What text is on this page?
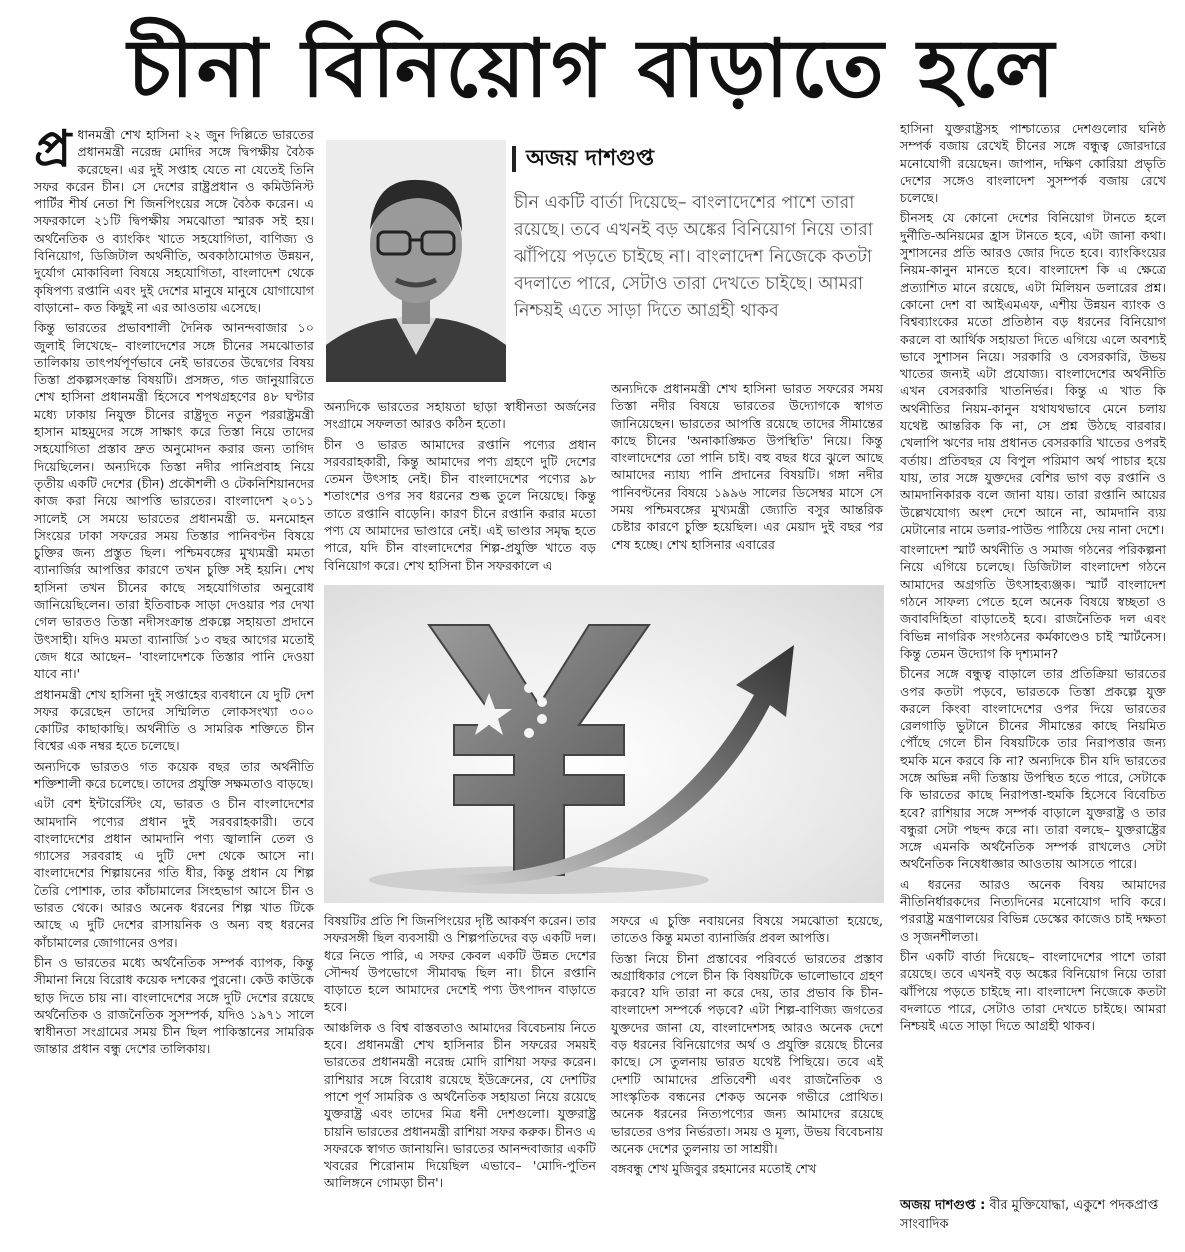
চীনা বিনিয়োগ বাড়াতে হলে

প্র ধানমন্ত্রী শেখ হাসিনা ২২ জুন দিল্লিতে ভারতের প্রধানমন্ত্রী নরেন্দ্র মোদির সঙ্গে দ্বিপক্ষীয় বৈঠক করেছেন। এর দুই সপ্তাহ যেতে না যেতেই তিনি সফর করেন চীন। সে দেশের রাষ্ট্রপ্রধান ও কমিউনিস্ট পার্টির শীর্ষ নেতা শি জিনপিংয়ের সঙ্গে বৈঠক করেন। এ সফরকালে ২১টি দ্বিপক্ষীয় সমঝোতা স্মারক সই হয়। অর্থনৈতিক ও ব্যাংকিং খাতে সহযোগিতা, বাণিজ্য ও বিনিয়োগ, ডিজিটাল অর্থনীতি, অবকাঠামোগত উন্নয়ন, দুর্যোগ মোকাবিলা বিষয়ে সহযোগিতা, বাংলাদেশ থেকে কৃষিপণ্য রপ্তানি এবং দুই দেশের মানুষে মানুষে যোগাযোগ বাড়ানো– কত কিছুই না এর আওতায় এসেছে।

কিন্তু ভারতের প্রভাবশালী দৈনিক আনন্দবাজার ১০ জুলাই লিখেছে– বাংলাদেশের সঙ্গে চীনের সমঝোতার তালিকায় তাৎপর্যপূর্ণভাবে নেই ভারতের উদ্বেগের বিষয় তিস্তা প্রকল্পসংক্রান্ত বিষয়টি। প্রসঙ্গত, গত জানুয়ারিতে শেখ হাসিনা প্রধানমন্ত্রী হিসেবে শপথগ্রহণের ৪৮ ঘণ্টার মধ্যে ঢাকায় নিযুক্ত চীনের রাষ্ট্রদূত নতুন পররাষ্ট্রমন্ত্রী হাসান মাহমুদের সঙ্গে সাক্ষাৎ করে তিস্তা নিয়ে তাদের সহযোগিতা প্রস্তাব দ্রুত অনুমোদন করার জন্য তাগিদ দিয়েছিলেন। অন্যদিকে তিস্তা নদীর পানিপ্রবাহ নিয়ে তৃতীয় একটি দেশের (চীন) প্রকৌশলী ও টেকনিশিয়ানদের কাজ করা নিয়ে আপত্তি ভারতের। বাংলাদেশ ২০১১ সালেই সে সময়ে ভারতের প্রধানমন্ত্রী ড. মনমোহন সিংয়ের ঢাকা সফরের সময় তিস্তার পানিবণ্টন বিষয়ে চুক্তির জন্য প্রস্তুত ছিল। পশ্চিমবঙ্গের মুখ্যমন্ত্রী মমতা ব্যানার্জির আপত্তির কারণে তখন চুক্তি সই হয়নি। শেখ হাসিনা তখন চীনের কাছে সহযোগিতার অনুরোধ জানিয়েছিলেন। তারা ইতিবাচক সাড়া দেওয়ার পর দেখা গেল ভারতও তিস্তা নদীসংক্রান্ত প্রকল্পে সহায়তা প্রদানে উৎসাহী। যদিও মমতা ব্যানার্জি ১৩ বছর আগের মতোই জেদ ধরে আছেন– 'বাংলাদেশকে তিস্তার পানি দেওয়া যাবে না।'

প্রধানমন্ত্রী শেখ হাসিনা দুই সপ্তাহের ব্যবধানে যে দুটি দেশ সফর করেছেন তাদের সম্মিলিত লোকসংখ্যা ৩০০ কোটির কাছাকাছি। অর্থনীতি ও সামরিক শক্তিতে চীন বিশ্বের এক নম্বর হতে চলেছে।

অন্যদিকে ভারতও গত কয়েক বছর তার অর্থনীতি শক্তিশালী করে চলেছে। তাদের প্রযুক্তি সক্ষমতাও বাড়ছে।

এটা বেশ ইন্টারেস্টিং যে, ভারত ও চীন বাংলাদেশের আমদানি পণ্যের প্রধান দুই সরবরাহকারী। তবে বাংলাদেশের প্রধান আমদানি পণ্য জ্বালানি তেল ও গ্যাসের সরবরাহ এ দুটি দেশ থেকে আসে না। বাংলাদেশের শিল্পায়নের গতি ধীর, কিন্তু প্রধান যে শিল্প তৈরি পোশাক, তার কাঁচামালের সিংহভাগ আসে চীন ও ভারত থেকে। আরও অনেক ধরনের শিল্প খাত টিকে আছে এ দুটি দেশের রাসায়নিক ও অন্য বহু ধরনের কাঁচামালের জোগানের ওপর।

চীন ও ভারতের মধ্যে অর্থনৈতিক সম্পর্ক ব্যাপক, কিন্তু সীমানা নিয়ে বিরোধ কয়েক দশকের পুরনো। কেউ কাউকে ছাড় দিতে চায় না। বাংলাদেশের সঙ্গে দুটি দেশের রয়েছে অর্থনৈতিক ও রাজনৈতিক সুসম্পর্ক, যদিও ১৯৭১ সালে স্বাধীনতা সংগ্রামের সময় চীন ছিল পাকিস্তানের সামরিক জান্তার প্রধান বন্ধু দেশের তালিকায়।

অজয় দাশগুপ্ত
চীন একটি বার্তা দিয়েছে– বাংলাদেশের পাশে তারা রয়েছে। তবে এখনই বড় অঙ্কের বিনিয়োগ নিয়ে তারা ঝাঁপিয়ে পড়তে চাইছে না। বাংলাদেশ নিজেকে কতটা বদলাতে পারে, সেটাও তারা দেখতে চাইছে। আমরা নিশ্চয়ই এতে সাড়া দিতে আগ্রহী থাকব

অন্যদিকে ভারতের সহায়তা ছাড়া স্বাধীনতা অর্জনের সংগ্রামে সফলতা আরও কঠিন হতো।

চীন ও ভারত আমাদের রপ্তানি পণ্যের প্রধান সরবরাহকারী, কিন্তু আমাদের পণ্য গ্রহণে দুটি দেশের তেমন উৎসাহ নেই। চীন বাংলাদেশের পণ্যের ৯৮ শতাংশের ওপর সব ধরনের শুল্ক তুলে নিয়েছে। কিন্তু তাতে রপ্তানি বাড়েনি। কারণ চীনে রপ্তানি করার মতো পণ্য যে আমাদের ভাণ্ডারে নেই। এই ভাণ্ডার সমৃদ্ধ হতে পারে, যদি চীন বাংলাদেশের শিল্প-প্রযুক্তি খাতে বড় বিনিয়োগ করে। শেখ হাসিনা চীন সফরকালে এ

অন্যদিকে প্রধানমন্ত্রী শেখ হাসিনা ভারত সফরের সময় তিস্তা নদীর বিষয়ে ভারতের উদ্যোগকে স্বাগত জানিয়েছেন। ভারতের আপত্তি রয়েছে তাদের সীমান্তের কাছে চীনের 'অনাকাঙ্ক্ষিত উপস্থিতি' নিয়ে। কিন্তু বাংলাদেশের তো পানি চাই। বহু বছর ধরে ঝুলে আছে আমাদের ন্যায্য পানি প্রদানের বিষয়টি। গঙ্গা নদীর পানিবণ্টনের বিষয়ে ১৯৯৬ সালের ডিসেম্বর মাসে সে সময় পশ্চিমবঙ্গের মুখ্যমন্ত্রী জ্যোতি বসুর আন্তরিক চেষ্টার কারণে চুক্তি হয়েছিল। এর মেয়াদ দুই বছর পর শেষ হচ্ছে। শেখ হাসিনার এবারের

বিষয়টির প্রতি শি জিনপিংয়ের দৃষ্টি আকর্ষণ করেন। তার সফরসঙ্গী ছিল ব্যবসায়ী ও শিল্পপতিদের বড় একটি দল। ধরে নিতে পারি, এ সফর কেবল একটি উন্নত দেশের সৌন্দর্য উপভোগে সীমাবদ্ধ ছিল না। চীনে রপ্তানি বাড়াতে হলে আমাদের দেশেই পণ্য উৎপাদন বাড়াতে হবে।

আঞ্চলিক ও বিশ্ব বাস্তবতাও আমাদের বিবেচনায় নিতে হবে। প্রধানমন্ত্রী শেখ হাসিনার চীন সফরের সময়ই ভারতের প্রধানমন্ত্রী নরেন্দ্র মোদি রাশিয়া সফর করেন। রাশিয়ার সঙ্গে বিরোধ রয়েছে ইউক্রেনের, যে দেশটির পাশে পূর্ণ সামরিক ও অর্থনৈতিক সহায়তা নিয়ে রয়েছে যুক্তরাষ্ট্র এবং তাদের মিত্র ধনী দেশগুলো। যুক্তরাষ্ট্র চায়নি ভারতের প্রধানমন্ত্রী রাশিয়া সফর করুক। চীনও এ সফরকে স্বাগত জানায়নি। ভারতের আনন্দবাজার একটি খবরের শিরোনাম দিয়েছিল এভাবে– 'মোদি-পুতিন আলিঙ্গনে গোমড়া চীন'।

সফরে এ চুক্তি নবায়নের বিষয়ে সমঝোতা হয়েছে, তাতেও কিন্তু মমতা ব্যানার্জির প্রবল আপত্তি।

তিস্তা নিয়ে চীনা প্রস্তাবের পরিবর্তে ভারতের প্রস্তাব অগ্রাধিকার পেলে চীন কি বিষয়টিকে ভালোভাবে গ্রহণ করবে? যদি তারা না করে দেয়, তার প্রভাব কি চীন-বাংলাদেশ সম্পর্কে পড়বে? এটা শিল্প-বাণিজ্য জগতের যুক্তদের জানা যে, বাংলাদেশসহ আরও অনেক দেশে বড় ধরনের বিনিয়োগের অর্থ ও প্রযুক্তি রয়েছে চীনের কাছে। সে তুলনায় ভারত যথেষ্ট পিছিয়ে। তবে এই দেশটি আমাদের প্রতিবেশী এবং রাজনৈতিক ও সাংস্কৃতিক বন্ধনের শেকড় অনেক গভীরে প্রোথিত। অনেক ধরনের নিত্যপণ্যের জন্য আমাদের রয়েছে ভারতের ওপর নির্ভরতা। সময় ও মূল্য, উভয় বিবেচনায় অনেক দেশের তুলনায় তা সাশ্রয়ী।

বঙ্গবন্ধু শেখ মুজিবুর রহমানের মতোই শেখ

হাসিনা যুক্তরাষ্ট্রসহ পাশ্চাত্যের দেশগুলোর ঘনিষ্ঠ সম্পর্ক বজায় রেখেই চীনের সঙ্গে বন্ধুত্ব জোরদারে মনোযোগী রয়েছেন। জাপান, দক্ষিণ কোরিয়া প্রভৃতি দেশের সঙ্গেও বাংলাদেশ সুসম্পর্ক বজায় রেখে চলেছে।

চীনসহ যে কোনো দেশের বিনিয়োগ টানতে হলে দুর্নীতি-অনিয়মের হ্রাস টানতে হবে, এটা জানা কথা। সুশাসনের প্রতি আরও জোর দিতে হবে। ব্যাংকিংয়ের নিয়ম-কানুন মানতে হবে। বাংলাদেশ কি এ ক্ষেত্রে প্রত্যাশিত মানে রয়েছে, এটা মিলিয়ন ডলারের প্রশ্ন। কোনো দেশ বা আইএমএফ, এশীয় উন্নয়ন ব্যাংক ও বিশ্বব্যাংকের মতো প্রতিষ্ঠান বড় ধরনের বিনিয়োগ করলে বা আর্থিক সহায়তা দিতে এগিয়ে এলে অবশ্যই ভাবে সুশাসন নিয়ে। সরকারি ও বেসরকারি, উভয় খাতের জন্যই এটা প্রযোজ্য। বাংলাদেশের অর্থনীতি এখন বেসরকারি খাতনির্ভর। কিন্তু এ খাত কি অর্থনীতির নিয়ম-কানুন যথাযথভাবে মেনে চলায় যথেষ্ট আন্তরিক কি না, সে প্রশ্ন উঠছে বারবার। খেলাপি ঋণের দায় প্রধানত বেসরকারি খাতের ওপরই বর্তায়। প্রতিবছর যে বিপুল পরিমাণ অর্থ পাচার হয়ে যায়, তার সঙ্গে যুক্তদের বেশির ভাগ বড় রপ্তানি ও আমদানিকারক বলে জানা যায়। তারা রপ্তানি আয়ের উল্লেখযোগ্য অংশ দেশে আনে না, আমদানি ব্যয় মেটানোর নামে ডলার-পাউন্ড পাঠিয়ে দেয় নানা দেশে।

বাংলাদেশ স্মার্ট অর্থনীতি ও সমাজ গঠনের পরিকল্পনা নিয়ে এগিয়ে চলেছে। ডিজিটাল বাংলাদেশ গঠনে আমাদের অগ্রগতি উৎসাহব্যঞ্জক। স্মার্ট বাংলাদেশ গঠনে সাফল্য পেতে হলে অনেক বিষয়ে স্বচ্ছতা ও জবাবদিহিতা বাড়াতেই হবে। রাজনৈতিক দল এবং বিভিন্ন নাগরিক সংগঠনের কর্মকাণ্ডেও চাই স্মার্টনেস। কিন্তু তেমন উদ্যোগ কি দৃশ্যমান?

চীনের সঙ্গে বন্ধুত্ব বাড়ালে তার প্রতিক্রিয়া ভারতের ওপর কতটা পড়বে, ভারতকে তিস্তা প্রকল্পে যুক্ত করলে কিংবা বাংলাদেশের ওপর দিয়ে ভারতের রেলগাড়ি ভুটানে চীনের সীমান্তের কাছে নিয়মিত পৌঁছে গেলে চীন বিষয়টিকে তার নিরাপত্তার জন্য হুমকি মনে করবে কি না? অন্যদিকে চীন যদি ভারতের সঙ্গে অভিন্ন নদী তিস্তায় উপস্থিত হতে পারে, সেটাকে কি ভারতের কাছে নিরাপত্তা-হুমকি হিসেবে বিবেচিত হবে? রাশিয়ার সঙ্গে সম্পর্ক বাড়ালে যুক্তরাষ্ট্র ও তার বন্ধুরা সেটা পছন্দ করে না। তারা বলছে– যুক্তরাষ্ট্রের সঙ্গে এমনকি অর্থনৈতিক সম্পর্ক রাখলেও সেটা অর্থনৈতিক নিষেধাজ্ঞার আওতায় আসতে পারে।

এ ধরনের আরও অনেক বিষয় আমাদের নীতিনির্ধারকদের নিত্যদিনের মনোযোগ দাবি করে। পররাষ্ট্র মন্ত্রণালয়ের বিভিন্ন ডেস্কের কাজেও চাই দক্ষতা ও সৃজনশীলতা।

চীন একটি বার্তা দিয়েছে– বাংলাদেশের পাশে তারা রয়েছে। তবে এখনই বড় অঙ্কের বিনিয়োগ নিয়ে তারা ঝাঁপিয়ে পড়তে চাইছে না। বাংলাদেশ নিজেকে কতটা বদলাতে পারে, সেটাও তারা দেখতে চাইছে। আমরা নিশ্চয়ই এতে সাড়া দিতে আগ্রহী থাকব।

অজয় দাশগুপ্ত : বীর মুক্তিযোদ্ধা, একুশে পদকপ্রাপ্ত সাংবাদিক
